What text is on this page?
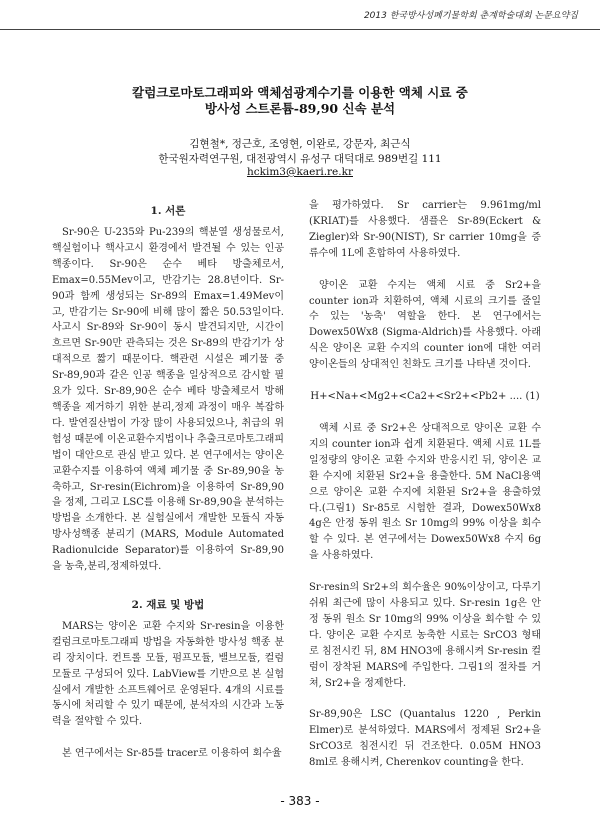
2013 한국방사성폐기물학회 춘계학술대회 논문요약집
칼럼크로마토그래피와 액체섬광계수기를 이용한 액체 시료 중
방사성 스트론튬-89,90 신속 분석
김현철*, 정근호, 조영현, 이완로, 강문자, 최근식
한국원자력연구원, 대전광역시 유성구 대덕대로 989번길 111
hckim3@kaeri.re.kr
1. 서론

Sr-90은 U-235와 Pu-239의 핵분열 생성물로서, 핵실험이나 핵사고시 환경에서 발견될 수 있는 인공 핵종이다. Sr-90은 순수 베타 방출체로서, Emax=0.55Mev이고, 반감기는 28.8년이다. Sr-90과 함께 생성되는 Sr-89의 Emax=1.49Mev이고, 반감기는 Sr-90에 비해 많이 짧은 50.53일이다. 사고시 Sr-89와 Sr-90이 동시 발견되지만, 시간이 흐르면 Sr-90만 관측되는 것은 Sr-89의 반감기가 상대적으로 짧기 때문이다. 핵관련 시설은 폐기물 중 Sr-89,90과 같은 인공 핵종을 일상적으로 감시할 필요가 있다. Sr-89,90은 순수 베타 방출체로서 방해 핵종을 제거하기 위한 분리,정제 과정이 매우 복잡하다. 발연질산법이 가장 많이 사용되었으나, 취급의 위험성 때문에 이온교환수지법이나 추출크로마토그래피법이 대안으로 관심 받고 있다. 본 연구에서는 양이온 교환수지를 이용하여 액체 폐기물 중 Sr-89,90을 농축하고, Sr-resin(Eichrom)을 이용하여 Sr-89,90을 정제, 그리고 LSC를 이용해 Sr-89,90을 분석하는 방법을 소개한다. 본 실험실에서 개발한 모듈식 자동 방사성핵종 분리기 (MARS, Module Automated Radionulcide Separator)를 이용하여 Sr-89,90을 농축,분리,정제하였다.

2. 재료 및 방법

MARS는 양이온 교환 수지와 Sr-resin을 이용한 컬럼크로마토그래피 방법을 자동화한 방사성 핵종 분리 장치이다. 컨트롤 모듈, 펌프모듈, 밸브모듈, 컬럼모듈로 구성되어 있다. LabView를 기반으로 본 실험실에서 개발한 소프트웨어로 운영된다. 4개의 시료를 동시에 처리할 수 있기 때문에, 분석자의 시간과 노동력을 절약할 수 있다.

본 연구에서는 Sr-85를 tracer로 이용하여 회수율

을 평가하였다. Sr carrier는 9.961mg/ml (KRIAT)를 사용했다. 샘플은 Sr-89(Eckert & Ziegler)와 Sr-90(NIST), Sr carrier 10mg을 증류수에 1L에 혼합하여 사용하였다.

양이온 교환 수지는 액체 시료 중 Sr2+을 counter ion과 치환하여, 액체 시료의 크기를 줄일 수 있는 '농축' 역할을 한다. 본 연구에서는 Dowex50Wx8 (Sigma-Aldrich)를 사용했다. 아래 식은 양이온 교환 수지의 counter ion에 대한 여러 양이온들의 상대적인 친화도 크기를 나타낸 것이다.

H+<Na+<Mg2+<Ca2+<Sr2+<Pb2+ .... (1)

액체 시료 중 Sr2+은 상대적으로 양이온 교환 수지의 counter ion과 쉽게 치환된다. 액체 시료 1L를 일정량의 양이온 교환 수지와 반응시킨 뒤, 양이온 교환 수지에 치환된 Sr2+을 용출한다. 5M NaCl용액으로 양이온 교환 수지에 치환된 Sr2+을 용출하였다.(그림1) Sr-85로 시험한 결과, Dowex50Wx8 4g은 안정 동위 원소 Sr 10mg의 99% 이상을 회수할 수 있다. 본 연구에서는 Dowex50Wx8 수지 6g을 사용하였다.

Sr-resin의 Sr2+의 회수율은 90%이상이고, 다루기 쉬워 최근에 많이 사용되고 있다. Sr-resin 1g은 안정 동위 원소 Sr 10mg의 99% 이상을 회수할 수 있다. 양이온 교환 수지로 농축한 시료는 SrCO3 형태로 침전시킨 뒤, 8M HNO3에 용해시켜 Sr-resin 컬럼이 장착된 MARS에 주입한다. 그림1의 절차를 거쳐, Sr2+을 정제한다.

Sr-89,90은 LSC (Quantalus 1220 , Perkin Elmer)로 분석하였다. MARS에서 정제된 Sr2+을 SrCO3로 침전시킨 뒤 건조한다. 0.05M HNO3 8ml로 용해시켜, Cherenkov counting을 한다.

- 383 -
